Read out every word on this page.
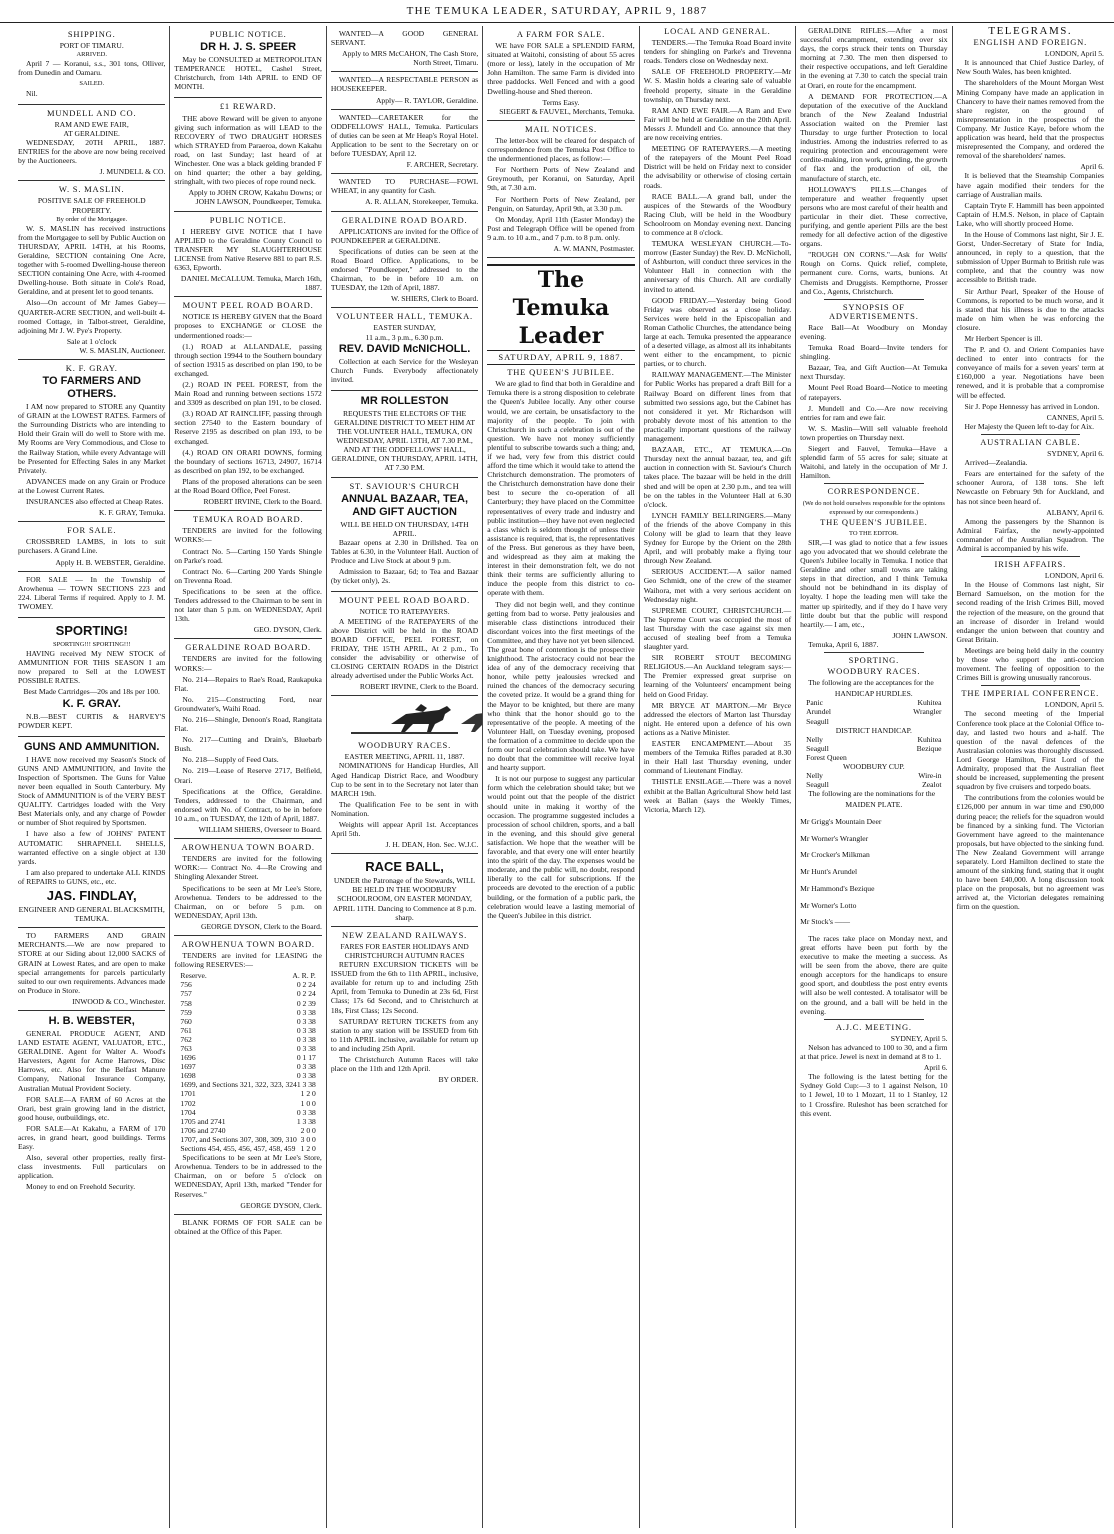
THE TEMUKA LEADER, SATURDAY, APRIL 9, 1887
SHIPPING.

PORT OF TIMARU.

ARRIVED.

April 7 — Koranui, s.s., 301 tons, Olliver, from Dunedin and Oamaru.

SAILED.

Nil.

MUNDELL AND CO.

RAM AND EWE FAIR,

AT GERALDINE.

WEDNESDAY, 20TH APRIL, 1887. ENTRIES for the above are now being received by the Auctioneers.

J. MUNDELL & CO.

W. S. MASLIN.

POSITIVE SALE OF FREEHOLD PROPERTY.

By order of the Mortgagee.

W. S. MASLIN has received instructions from the Mortgagee to sell by Public Auction on THURSDAY, APRIL 14TH, at his Rooms, Geraldine, SECTION containing One Acre, together with 5-roomed Dwelling-house thereon SECTION containing One Acre, with 4-roomed Dwelling-house. Both situate in Cole's Road, Geraldine, and at present let to good tenants.

Also—On account of Mr James Gabey—QUARTER-ACRE SECTION, and well-built 4-roomed Cottage, in Talbot-street, Geraldine, adjoining Mr J. W. Pye's Property.

Sale at 1 o'clock

W. S. MASLIN, Auctioneer.

K. F. GRAY.
TO FARMERS AND OTHERS.

I AM now prepared to STORE any Quantity of GRAIN at the LOWEST RATES. Farmers of the Surrounding Districts who are intending to Hold their Grain will do well to Store with me. My Rooms are Very Commodious, and Close to the Railway Station, while every Advantage will be Presented for Effecting Sales in any Market Privately.

ADVANCES made on any Grain or Produce at the Lowest Current Rates.

INSURANCES also effected at Cheap Rates.

K. F. GRAY, Temuka.

FOR SALE.

CROSSBRED LAMBS, in lots to suit purchasers. A Grand Line.

Apply H. B. WEBSTER, Geraldine.

FOR SALE — In the Township of Arowhenua — TOWN SECTIONS 223 and 224. Liberal Terms if required. Apply to J. M. TWOMEY.

SPORTING!

SPORTING!!! SPORTING!!!

HAVING received My NEW STOCK of AMMUNITION FOR THIS SEASON I am now prepared to Sell at the LOWEST POSSIBLE RATES.

Best Made Cartridges—20s and 18s per 100.

K. F. GRAY.

N.B.—BEST CURTIS & HARVEY'S POWDER KEPT.

GUNS AND AMMUNITION.

I HAVE now received my Season's Stock of GUNS AND AMMUNITION, and Invite the Inspection of Sportsmen. The Guns for Value never been equalled in South Canterbury. My Stock of AMMUNITION is of the VERY BEST QUALITY. Cartridges loaded with the Very Best Materials only, and any charge of Powder or number of Shot required by Sportsmen.

I have also a few of JOHNS' PATENT AUTOMATIC SHRAPNELL SHELLS, warranted effective on a single object at 130 yards.

I am also prepared to undertake ALL KINDS of REPAIRS to GUNS, etc., etc.

JAS. FINDLAY,

ENGINEER AND GENERAL BLACKSMITH, TEMUKA.

TO FARMERS AND GRAIN MERCHANTS.—We are now prepared to STORE at our Siding about 12,000 SACKS of GRAIN at Lowest Rates, and are open to make special arrangements for parcels particularly suited to our own requirements. Advances made on Produce in Store.

INWOOD & CO., Winchester.

H. B. WEBSTER,

GENERAL PRODUCE AGENT, AND LAND ESTATE AGENT, VALUATOR, ETC., GERALDINE. Agent for Walter A. Wood's Harvesters, Agent for Acme Harrows, Disc Harrows, etc. Also for the Belfast Manure Company, National Insurance Company, Australian Mutual Provident Society.

FOR SALE—A FARM of 60 Acres at the Orari, best grain growing land in the district, good house, outbuildings, etc.

FOR SALE—At Kakahu, a FARM of 170 acres, in grand heart, good buildings. Terms Easy.

Also, several other properties, really first-class investments. Full particulars on application.

Money to end on Freehold Security.

PUBLIC NOTICE.
DR H. J. S. SPEER

May be CONSULTED at METROPOLITAN TEMPERANCE HOTEL, Cashel Street, Christchurch, from 14th APRIL to END OF MONTH.

£1 REWARD.

THE above Reward will be given to anyone giving such information as will LEAD to the RECOVERY of TWO DRAUGHT HORSES which STRAYED from Paraeroa, down Kakahu road, on last Sunday; last heard of at Winchester. One was a black gelding branded F on hind quarter; the other a bay gelding, stringhalt, with two pieces of rope round neck.

Apply to JOHN CROW, Kakahu Downs; or JOHN LAWSON, Poundkeeper, Temuka.

PUBLIC NOTICE.

I HEREBY GIVE NOTICE that I have APPLIED to the Geraldine County Council to TRANSFER MY SLAUGHTERHOUSE LICENSE from Native Reserve 881 to part R.S. 6363, Epworth.

DANIEL McCALLUM. Temuka, March 16th, 1887.

MOUNT PEEL ROAD BOARD.

NOTICE IS HEREBY GIVEN that the Board proposes to EXCHANGE or CLOSE the undermentioned roads:—

(1.) ROAD at ALLANDALE, passing through section 19944 to the Southern boundary of section 19315 as described on plan 190, to be exchanged.

(2.) ROAD IN PEEL FOREST, from the Main Road and running between sections 1572 and 3309 as described on plan 191, to be closed.

(3.) ROAD AT RAINCLIFF, passing through section 27540 to the Eastern boundary of Reserve 2195 as described on plan 193, to be exchanged.

(4.) ROAD ON ORARI DOWNS, forming the boundary of sections 16713, 24907, 16714 as described on plan 192, to be exchanged.

Plans of the proposed alterations can be seen at the Road Board Office, Peel Forest.

ROBERT IRVINE, Clerk to the Board.

TEMUKA ROAD BOARD.

TENDERS are invited for the following WORKS:—

Contract No. 5—Carting 150 Yards Shingle on Parke's road.

Contract No. 6—Carting 200 Yards Shingle on Trevenna Road.

Specifications to be seen at the office. Tenders addressed to the Chairman to be sent in not later than 5 p.m. on WEDNESDAY, April 13th.

GEO. DYSON, Clerk.

GERALDINE ROAD BOARD.

TENDERS are invited for the following WORKS:—

No. 214—Repairs to Rae's Road, Raukapuka Flat.

No. 215—Constructing Ford, near Groundwater's, Waihi Road.

No. 216—Shingle, Denoon's Road, Rangitata Flat.

No. 217—Cutting and Drain's, Bluebarb Bush.

No. 218—Supply of Feed Oats.

No. 219—Lease of Reserve 2717, Belfield, Orari.

Specifications at the Office, Geraldine. Tenders, addressed to the Chairman, and endorsed with No. of Contract, to be in before 10 a.m., on TUESDAY, the 12th of April, 1887.

WILLIAM SHIERS, Overseer to Board.

AROWHENUA TOWN BOARD.

TENDERS are invited for the following WORK:— Contract No. 4—Re Crowing and Shingling Alexander Street.

Specifications to be seen at Mr Lee's Store, Arowhenua. Tenders to be addressed to the Chairman, on or before 5 p.m. on WEDNESDAY, April 13th.

GEORGE DYSON, Clerk to the Board.

AROWHENUA TOWN BOARD.

TENDERS are invited for LEASING the following RESERVES:—

Reserve.	A. R. P.
756	0 2 24
757	0 2 24
758	0 2 39
759	0 3 38
760	0 3 38
761	0 3 38
762	0 3 38
763	0 3 38
1696	0 1 17
1697	0 3 38
1698	0 3 38
1699, and Sections 321, 322, 323, 324 1 3 38
1701	1 2 0
1702	1 0 0
1704	0 3 38
1705 and 2741	1 3 38
1706 and 2740	2 0 0
1707, and Sections 307, 308, 309, 310 3 0 0
Sections 454, 455, 456, 457, 458, 459 1 2 0

Specifications to be seen at Mr Lee's Store, Arowhenua. Tenders to be in addressed to the Chairman, on or before 5 o'clock on WEDNESDAY, April 13th, marked "Tender for Reserves."

GEORGE DYSON, Clerk.

BLANK FORMS OF FOR SALE can be obtained at the Office of this Paper.

WANTED—A GOOD GENERAL SERVANT.

Apply to MRS McCAHON, The Cash Store, North Street, Timaru.

WANTED—A RESPECTABLE PERSON as HOUSEKEEPER.

Apply— R. TAYLOR, Geraldine.

WANTED—CARETAKER for the ODDFELLOWS' HALL, Temuka. Particulars of duties can be seen at Mr Heap's Royal Hotel. Application to be sent to the Secretary on or before TUESDAY, April 12.

F. ARCHER, Secretary.

WANTED TO PURCHASE—FOWL WHEAT, in any quantity for Cash.

A. R. ALLAN, Storekeeper, Temuka.

GERALDINE ROAD BOARD.

APPLICATIONS are invited for the Office of POUNDKEEPER at GERALDINE.

Specifications of duties can be seen at the Road Board Office. Applications, to be endorsed "Poundkeeper," addressed to the Chairman, to be in before 10 a.m. on TUESDAY, the 12th of April, 1887.

W. SHIERS, Clerk to Board.

VOLUNTEER HALL, TEMUKA.

EASTER SUNDAY,

11 a.m., 3 p.m., 6.30 p.m.

REV. DAVID McNICHOLL.

Collection at each Service for the Wesleyan Church Funds. Everybody affectionately invited.

MR ROLLESTON

REQUESTS THE ELECTORS OF THE GERALDINE DISTRICT TO MEET HIM AT THE VOLUNTEER HALL, TEMUKA, ON WEDNESDAY, APRIL 13TH, AT 7.30 P.M., AND AT THE ODDFELLOWS' HALL, GERALDINE, ON THURSDAY, APRIL 14TH, AT 7.30 P.M.

ST. SAVIOUR'S CHURCH
ANNUAL BAZAAR, TEA, AND GIFT AUCTION

WILL BE HELD ON THURSDAY, 14TH APRIL.

Bazaar opens at 2.30 in Drillshed. Tea on Tables at 6.30, in the Volunteer Hall. Auction of Produce and Live Stock at about 9 p.m.

Admission to Bazaar, 6d; to Tea and Bazaar (by ticket only), 2s.

MOUNT PEEL ROAD BOARD.

NOTICE TO RATEPAYERS.

A MEETING of the RATEPAYERS of the above District will be held in the ROAD BOARD OFFICE, PEEL FOREST, on FRIDAY, THE 15TH APRIL, At 2 p.m., To consider the advisability or otherwise of CLOSING CERTAIN ROADS in the District already advertised under the Public Works Act.

ROBERT IRVINE, Clerk to the Board.

WOODBURY RACES.

EASTER MEETING, APRIL 11, 1887.

NOMINATIONS for Handicap Hurdles, All Aged Handicap District Race, and Woodbury Cup to be sent in to the Secretary not later than MARCH 19th.

The Qualification Fee to be sent in with Nomination.

Weights will appear April 1st. Acceptances April 5th.

J. H. DEAN, Hon. Sec. W.J.C.

RACE BALL,

UNDER the Patronage of the Stewards, WILL BE HELD IN THE WOODBURY SCHOOLROOM, ON EASTER MONDAY, APRIL 11TH. Dancing to Commence at 8 p.m. sharp.

NEW ZEALAND RAILWAYS.

FARES FOR EASTER HOLIDAYS AND CHRISTCHURCH AUTUMN RACES

RETURN EXCURSION TICKETS will be ISSUED from the 6th to 11th APRIL, inclusive, available for return up to and including 25th April, from Temuka to Dunedin at 23s 6d, First Class; 17s 6d Second, and to Christchurch at 18s, First Class; 12s Second.

SATURDAY RETURN TICKETS from any station to any station will be ISSUED from 6th to 11th APRIL inclusive, available for return up to and including 25th April.

The Christchurch Autumn Races will take place on the 11th and 12th April.

BY ORDER.

A FARM FOR SALE.

WE have FOR SALE a SPLENDID FARM, situated at Waitohi, consisting of about 55 acres (more or less), lately in the occupation of Mr John Hamilton. The same Farm is divided into three paddocks. Well Fenced and with a good Dwelling-house and Shed thereon.

Terms Easy.

SIEGERT & FAUVEL, Merchants, Temuka.

MAIL NOTICES.

The letter-box will be cleared for despatch of correspondence from the Temuka Post Office to the undermentioned places, as follow:—

For Northern Ports of New Zealand and Greymouth, per Koranui, on Saturday, April 9th, at 7.30 a.m.

For Northern Ports of New Zealand, per Penguin, on Saturday, April 9th, at 3.30 p.m.

On Monday, April 11th (Easter Monday) the Post and Telegraph Office will be opened from 9 a.m. to 10 a.m., and 7 p.m. to 8 p.m. only.

A. W. MANN, Postmaster.

The Temuka Leader
SATURDAY, APRIL 9, 1887.
THE QUEEN'S JUBILEE.

We are glad to find that both in Geraldine and Temuka there is a strong disposition to celebrate the Queen's Jubilee locally. Any other course would, we are certain, be unsatisfactory to the majority of the people. To join with Christchurch in such a celebration is out of the question. We have not money sufficiently plentiful to subscribe towards such a thing; and, if we had, very few from this district could afford the time which it would take to attend the Christchurch demonstration. The promoters of the Christchurch demonstration have done their best to secure the co-operation of all Canterbury; they have placed on the Committee representatives of every trade and industry and public institution—they have not even neglected a class which is seldom thought of unless their assistance is required, that is, the representatives of the Press. But generous as they have been, and widespread as they aim at making the interest in their demonstration felt, we do not think their terms are sufficiently alluring to induce the people from this district to co-operate with them.

They did not begin well, and they continue getting from bad to worse. Petty jealousies and miserable class distinctions introduced their discordant voices into the first meetings of the Committee, and they have not yet been silenced. The great bone of contention is the prospective knighthood. The aristocracy could not bear the idea of any of the democracy receiving that honor, while petty jealousies wrecked and ruined the chances of the democracy securing the coveted prize. It would be a grand thing for the Mayor to be knighted, but there are many who think that the honor should go to the representative of the people. A meeting of the Volunteer Hall, on Tuesday evening, proposed the formation of a committee to decide upon the form our local celebration should take. We have no doubt that the committee will receive loyal and hearty support.

It is not our purpose to suggest any particular form which the celebration should take; but we would point out that the people of the district should unite in making it worthy of the occasion. The programme suggested includes a procession of school children, sports, and a ball in the evening, and this should give general satisfaction. We hope that the weather will be favorable, and that every one will enter heartily into the spirit of the day. The expenses would be moderate, and the public will, no doubt, respond liberally to the call for subscriptions. If the proceeds are devoted to the erection of a public building, or the formation of a public park, the celebration would leave a lasting memorial of the Queen's Jubilee in this district.

LOCAL AND GENERAL.

TENDERS.—The Temuka Road Board invite tenders for shingling on Parke's and Trevenna roads. Tenders close on Wednesday next.

SALE OF FREEHOLD PROPERTY.—Mr W. S. Maslin holds a clearing sale of valuable freehold property, situate in the Geraldine township, on Thursday next.

RAM AND EWE FAIR.—A Ram and Ewe Fair will be held at Geraldine on the 20th April. Messrs J. Mundell and Co. announce that they are now receiving entries.

MEETING OF RATEPAYERS.—A meeting of the ratepayers of the Mount Peel Road District will be held on Friday next to consider the advisability or otherwise of closing certain roads.

RACE BALL.—A grand ball, under the auspices of the Stewards of the Woodbury Racing Club, will be held in the Woodbury Schoolroom on Monday evening next. Dancing to commence at 8 o'clock.

TEMUKA WESLEYAN CHURCH.—To-morrow (Easter Sunday) the Rev. D. McNicholl, of Ashburton, will conduct three services in the Volunteer Hall in connection with the anniversary of this Church. All are cordially invited to attend.

GOOD FRIDAY.—Yesterday being Good Friday was observed as a close holiday. Services were held in the Episcopalian and Roman Catholic Churches, the attendance being large at each. Temuka presented the appearance of a deserted village, as almost all its inhabitants went either to the encampment, to picnic parties, or to church.

RAILWAY MANAGEMENT.—The Minister for Public Works has prepared a draft Bill for a Railway Board on different lines from that submitted two sessions ago, but the Cabinet has not considered it yet. Mr Richardson will probably devote most of his attention to the practically important questions of the railway management.

BAZAAR, ETC., AT TEMUKA.—On Thursday next the annual bazaar, tea, and gift auction in connection with St. Saviour's Church takes place. The bazaar will be held in the drill shed and will be open at 2.30 p.m., and tea will be on the tables in the Volunteer Hall at 6.30 o'clock.

LYNCH FAMILY BELLRINGERS.—Many of the friends of the above Company in this Colony will be glad to learn that they leave Sydney for Europe by the Orient on the 28th April, and will probably make a flying tour through New Zealand.

SERIOUS ACCIDENT.—A sailor named Geo Schmidt, one of the crew of the steamer Waihora, met with a very serious accident on Wednesday night.

SUPREME COURT, CHRISTCHURCH.—The Supreme Court was occupied the most of last Thursday with the case against six men accused of stealing beef from a Temuka slaughter yard.

SIR ROBERT STOUT BECOMING RELIGIOUS.—An Auckland telegram says:—The Premier expressed great surprise on learning of the Volunteers' encampment being held on Good Friday.

MR BRYCE AT MARTON.—Mr Bryce addressed the electors of Marton last Thursday night. He entered upon a defence of his own actions as a Native Minister.

EASTER ENCAMPMENT.—About 35 members of the Temuka Rifles paraded at 8.30 in their Hall last Thursday evening, under command of Lieutenant Findlay.

THISTLE ENSILAGE.—There was a novel exhibit at the Ballan Agricultural Show held last week at Ballan (says the Weekly Times, Victoria, March 12).

GERALDINE RIFLES.—After a most successful encampment, extending over six days, the corps struck their tents on Thursday morning at 7.30. The men then dispersed to their respective occupations, and left Geraldine in the evening at 7.30 to catch the special train at Orari, en route for the encampment.

A DEMAND FOR PROTECTION.—A deputation of the executive of the Auckland branch of the New Zealand Industrial Association waited on the Premier last Thursday to urge further Protection to local industries. Among the industries referred to as requiring protection and encouragement were cordite-making, iron work, grinding, the growth of flax and the production of oil, the manufacture of starch, etc.

HOLLOWAY'S PILLS.—Changes of temperature and weather frequently upset persons who are most careful of their health and particular in their diet. These corrective, purifying, and gentle aperient Pills are the best remedy for all defective action of the digestive organs.

"ROUGH ON CORNS."—Ask for Wells' Rough on Corns. Quick relief, complete, permanent cure. Corns, warts, bunions. At Chemists and Druggists. Kempthorne, Prosser and Co., Agents, Christchurch.

SYNOPSIS OF ADVERTISEMENTS.

Race Ball—At Woodbury on Monday evening.

Temuka Road Board—Invite tenders for shingling.

Bazaar, Tea, and Gift Auction—At Temuka next Thursday.

Mount Peel Road Board—Notice to meeting of ratepayers.

J. Mundell and Co.—Are now receiving entries for ram and ewe fair.

W. S. Maslin—Will sell valuable freehold town properties on Thursday next.

Siegert and Fauvel, Temuka—Have a splendid farm of 55 acres for sale; situate at Waitohi, and lately in the occupation of Mr J. Hamilton.

CORRESPONDENCE.

(We do not hold ourselves responsible for the opinions expressed by our correspondents.)

THE QUEEN'S JUBILEE.

TO THE EDITOR.

SIR,—I was glad to notice that a few issues ago you advocated that we should celebrate the Queen's Jubilee locally in Temuka. I notice that Geraldine and other small towns are taking steps in that direction, and I think Temuka should not be behindhand in its display of loyalty. I hope the leading men will take the matter up spiritedly, and if they do I have very little doubt but that the public will respond heartily.— I am, etc.,

JOHN LAWSON.

Temuka, April 6, 1887.

SPORTING.
WOODBURY RACES.

The following are the acceptances for the

HANDICAP HURDLES.

Panic	Kuhitea
Arundel	Wrangler
Seagull

DISTRICT HANDICAP.

Nelly	Kuhitea
Seagull	Bezique
Forest Queen

WOODBURY CUP.

Nelly	Wire-in
Seagull	Zealot

The following are the nominations for the

MAIDEN PLATE.

Mr Grigg's Mountain Deer

Mr Worner's Wrangler

Mr Crocker's Milkman

Mr Hunt's Arundel

Mr Hammond's Bezique

Mr Worner's Lotto

Mr Stock's ——

The races take place on Monday next, and great efforts have been put forth by the executive to make the meeting a success. As will be seen from the above, there are quite enough acceptors for the handicaps to ensure good sport, and doubtless the post entry events will also be well contested. A totalisator will be on the ground, and a ball will be held in the evening.

A.J.C. MEETING.

SYDNEY, April 5.

Nelson has advanced to 100 to 30, and a firm at that price. Jewel is next in demand at 8 to 1.

April 6.

The following is the latest betting for the Sydney Gold Cup:—3 to 1 against Nelson, 10 to 1 Jewel, 10 to 1 Mozart, 11 to 1 Stanley, 12 to 1 Crossfire. Ruleshot has been scratched for this event.

TELEGRAMS.
ENGLISH AND FOREIGN.

LONDON, April 5.

It is announced that Chief Justice Darley, of New South Wales, has been knighted.

The shareholders of the Mount Morgan West Mining Company have made an application in Chancery to have their names removed from the share register, on the ground of misrepresentation in the prospectus of the Company. Mr Justice Kaye, before whom the application was heard, held that the prospectus misrepresented the Company, and ordered the removal of the shareholders' names.

April 6.

It is believed that the Steamship Companies have again modified their tenders for the carriage of Australian mails.

Captain Tryte F. Hammill has been appointed Captain of H.M.S. Nelson, in place of Captain Lake, who will shortly proceed Home.

In the House of Commons last night, Sir J. E. Gorst, Under-Secretary of State for India, announced, in reply to a question, that the submission of Upper Burmah to British rule was complete, and that the country was now accessible to British trade.

Sir Arthur Pearl, Speaker of the House of Commons, is reported to be much worse, and it is stated that his illness is due to the attacks made on him when he was enforcing the closure.

Mr Herbert Spencer is ill.

The P. and O. and Orient Companies have declined to enter into contracts for the conveyance of mails for a seven years' term at £160,000 a year. Negotiations have been renewed, and it is probable that a compromise will be effected.

Sir J. Pope Hennessy has arrived in London.

CANNES, April 5.

Her Majesty the Queen left to-day for Aix.

AUSTRALIAN CABLE.

SYDNEY, April 6.

Arrived—Zealandia.

Fears are entertained for the safety of the schooner Aurora, of 138 tons. She left Newcastle on February 9th for Auckland, and has not since been heard of.

ALBANY, April 6.

Among the passengers by the Shannon is Admiral Fairfax, the newly-appointed commander of the Australian Squadron. The Admiral is accompanied by his wife.

IRISH AFFAIRS.

LONDON, April 6.

In the House of Commons last night, Sir Bernard Samuelson, on the motion for the second reading of the Irish Crimes Bill, moved the rejection of the measure, on the ground that an increase of disorder in Ireland would endanger the union between that country and Great Britain.

Meetings are being held daily in the country by those who support the anti-coercion movement. The feeling of opposition to the Crimes Bill is growing unusually rancorous.

THE IMPERIAL CONFERENCE.

LONDON, April 5.

The second meeting of the Imperial Conference took place at the Colonial Office to-day, and lasted two hours and a-half. The question of the naval defences of the Australasian colonies was thoroughly discussed. Lord George Hamilton, First Lord of the Admiralty, proposed that the Australian fleet should be increased, supplementing the present squadron by five cruisers and torpedo boats.

The contributions from the colonies would be £126,000 per annum in war time and £90,000 during peace; the reliefs for the squadron would be financed by a sinking fund. The Victorian Government have agreed to the maintenance proposals, but have objected to the sinking fund. The New Zealand Government will arrange separately. Lord Hamilton declined to state the amount of the sinking fund, stating that it ought to have been £40,000. A long discussion took place on the proposals, but no agreement was arrived at, the Victorian delegates remaining firm on the question.
